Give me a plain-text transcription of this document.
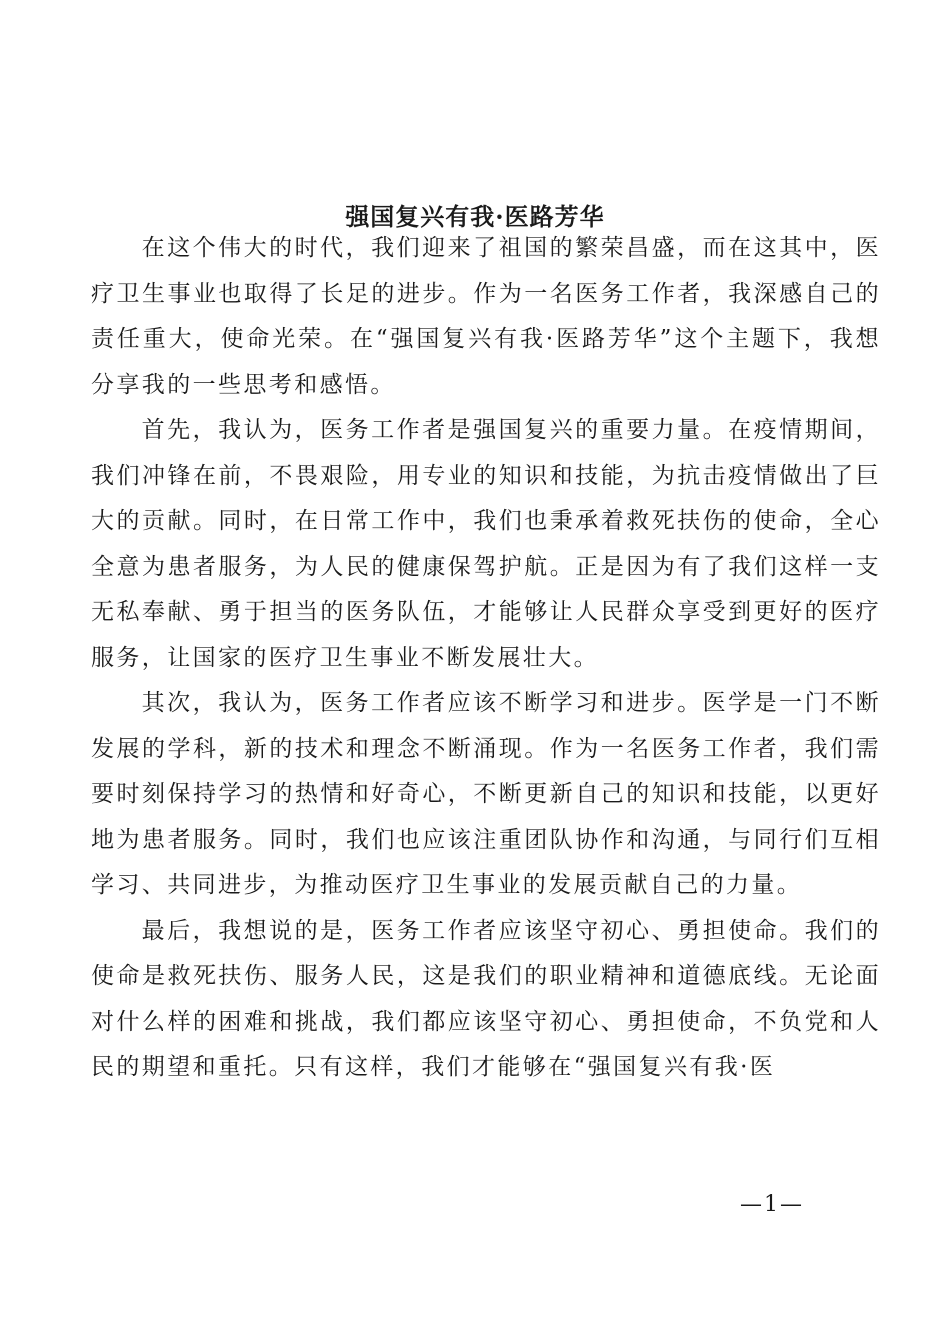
强国复兴有我·医路芳华

在这个伟大的时代，我们迎来了祖国的繁荣昌盛，而在这其中，医疗卫生事业也取得了长足的进步。作为一名医务工作者，我深感自己的责任重大，使命光荣。在“强国复兴有我·医路芳华”这个主题下，我想分享我的一些思考和感悟。

首先，我认为，医务工作者是强国复兴的重要力量。在疫情期间，我们冲锋在前，不畏艰险，用专业的知识和技能，为抗击疫情做出了巨大的贡献。同时，在日常工作中，我们也秉承着救死扶伤的使命，全心全意为患者服务，为人民的健康保驾护航。正是因为有了我们这样一支无私奉献、勇于担当的医务队伍，才能够让人民群众享受到更好的医疗服务，让国家的医疗卫生事业不断发展壮大。

其次，我认为，医务工作者应该不断学习和进步。医学是一门不断发展的学科，新的技术和理念不断涌现。作为一名医务工作者，我们需要时刻保持学习的热情和好奇心，不断更新自己的知识和技能，以更好地为患者服务。同时，我们也应该注重团队协作和沟通，与同行们互相学习、共同进步，为推动医疗卫生事业的发展贡献自己的力量。

最后，我想说的是，医务工作者应该坚守初心、勇担使命。我们的使命是救死扶伤、服务人民，这是我们的职业精神和道德底线。无论面对什么样的困难和挑战，我们都应该坚守初心、勇担使命，不负党和人民的期望和重托。只有这样，我们才能够在“强国复兴有我·医

—1—
